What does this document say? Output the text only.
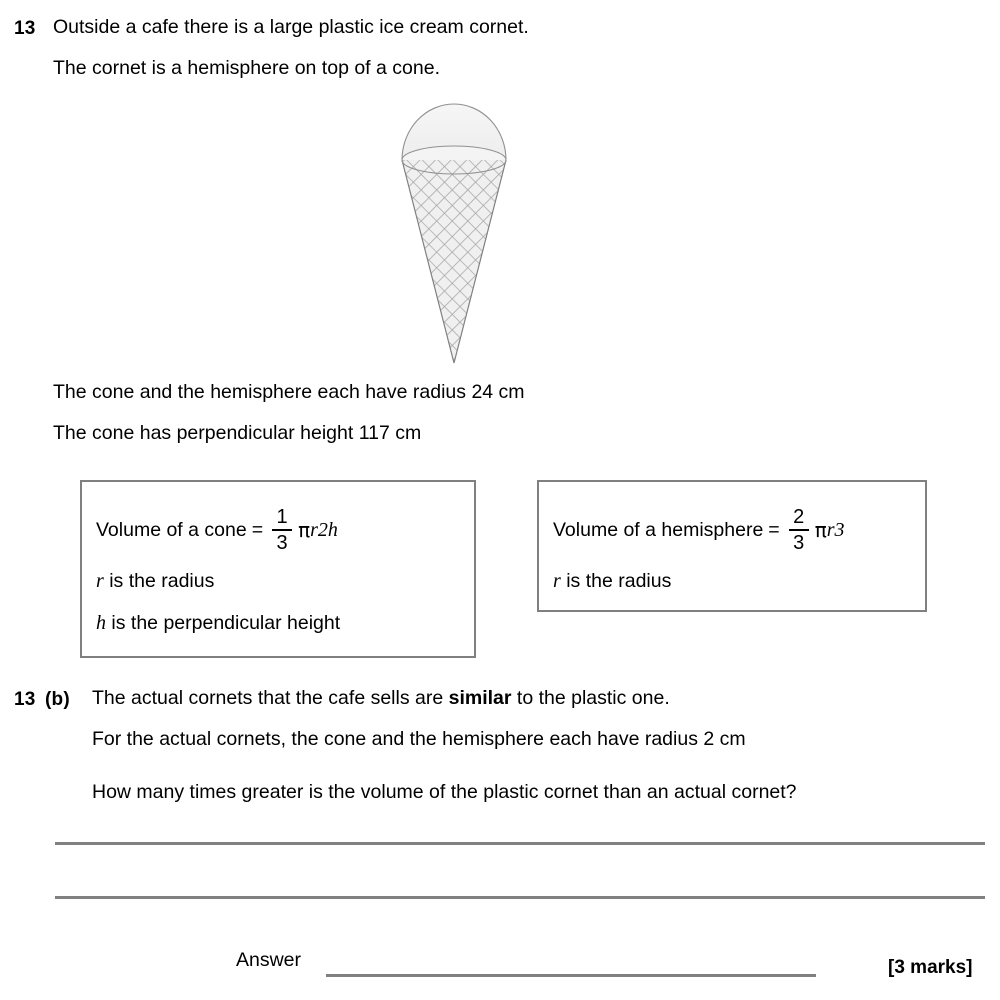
13 Outside a cafe there is a large plastic ice cream cornet.
The cornet is a hemisphere on top of a cone.
The cone and the hemisphere each have radius 24 cm
The cone has perpendicular height 117 cm
Volume of a cone = $\frac{1}{3}$ π r 2 h
r is the radius
h is the perpendicular height
Volume of a hemisphere = $\frac{2}{3}$ π r 3
r is the radius
13 (b) The actual cornets that the cafe sells are similar to the plastic one.
For the actual cornets, the cone and the hemisphere each have radius 2 cm
How many times greater is the volume of the plastic cornet than an actual cornet?
Answer	[3 marks]
